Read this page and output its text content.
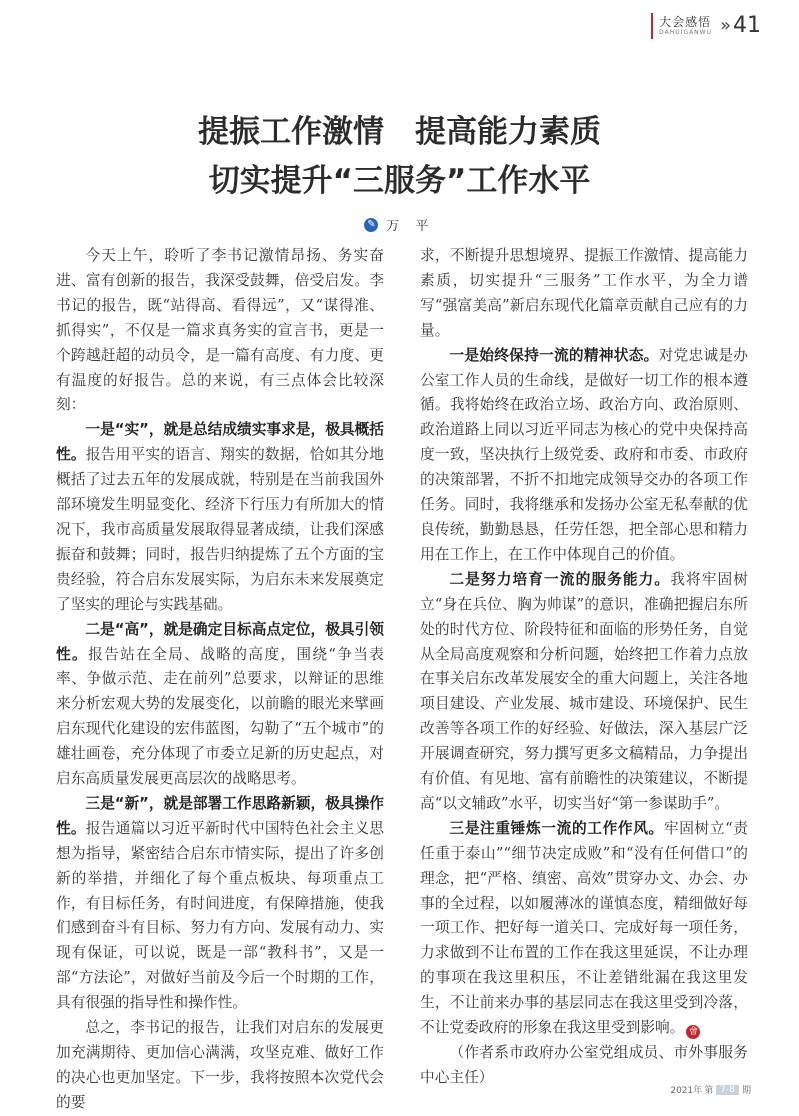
大会感悟
DAHUIGANWU » 41
提振工作激情　提高能力素质
切实提升“三服务”工作水平
✎ 万 平

今天上午，聆听了李书记激情昂扬、务实奋进、富有创新的报告，我深受鼓舞，倍受启发。李书记的报告，既“站得高、看得远”，又“谋得准、抓得实”，不仅是一篇求真务实的宣言书，更是一个跨越赶超的动员令，是一篇有高度、有力度、更有温度的好报告。总的来说，有三点体会比较深刻：

一是“实”，就是总结成绩实事求是，极具概括性。报告用平实的语言、翔实的数据，恰如其分地概括了过去五年的发展成就，特别是在当前我国外部环境发生明显变化、经济下行压力有所加大的情况下，我市高质量发展取得显著成绩，让我们深感振奋和鼓舞；同时，报告归纳提炼了五个方面的宝贵经验，符合启东发展实际，为启东未来发展奠定了坚实的理论与实践基础。

二是“高”，就是确定目标高点定位，极具引领性。报告站在全局、战略的高度，围绕“争当表率、争做示范、走在前列”总要求，以辩证的思维来分析宏观大势的发展变化，以前瞻的眼光来擘画启东现代化建设的宏伟蓝图，勾勒了“五个城市”的雄壮画卷，充分体现了市委立足新的历史起点，对启东高质量发展更高层次的战略思考。

三是“新”，就是部署工作思路新颖，极具操作性。报告通篇以习近平新时代中国特色社会主义思想为指导，紧密结合启东市情实际，提出了许多创新的举措，并细化了每个重点板块、每项重点工作，有目标任务，有时间进度，有保障措施，使我们感到奋斗有目标、努力有方向、发展有动力、实现有保证，可以说，既是一部“教科书”，又是一部“方法论”，对做好当前及今后一个时期的工作，具有很强的指导性和操作性。

总之，李书记的报告，让我们对启东的发展更加充满期待、更加信心满满，攻坚克难、做好工作的决心也更加坚定。下一步，我将按照本次党代会的要

求，不断提升思想境界、提振工作激情、提高能力素质，切实提升“三服务”工作水平，为全力谱写“强富美高”新启东现代化篇章贡献自己应有的力量。

一是始终保持一流的精神状态。对党忠诚是办公室工作人员的生命线，是做好一切工作的根本遵循。我将始终在政治立场、政治方向、政治原则、政治道路上同以习近平同志为核心的党中央保持高度一致，坚决执行上级党委、政府和市委、市政府的决策部署，不折不扣地完成领导交办的各项工作任务。同时，我将继承和发扬办公室无私奉献的优良传统，勤勤恳恳，任劳任怨，把全部心思和精力用在工作上，在工作中体现自己的价值。

二是努力培育一流的服务能力。我将牢固树立“身在兵位、胸为帅谋”的意识，准确把握启东所处的时代方位、阶段特征和面临的形势任务，自觉从全局高度观察和分析问题，始终把工作着力点放在事关启东改革发展安全的重大问题上，关注各地项目建设、产业发展、城市建设、环境保护、民生改善等各项工作的好经验、好做法，深入基层广泛开展调查研究，努力撰写更多文稿精品，力争提出有价值、有见地、富有前瞻性的决策建议，不断提高“以文辅政”水平，切实当好“第一参谋助手”。

三是注重锤炼一流的工作作风。牢固树立“责任重于泰山”“细节决定成败”和“没有任何借口”的理念，把“严格、缜密、高效”贯穿办文、办会、办事的全过程，以如履薄冰的谨慎态度，精细做好每一项工作、把好每一道关口、完成好每一项任务，力求做到不让布置的工作在我这里延误，不让办理的事项在我这里积压，不让差错纰漏在我这里发生，不让前来办事的基层同志在我这里受到冷落，不让党委政府的形象在我这里受到影响。 會

（作者系市政府办公室党组成员、市外事服务中心主任）

2021年 第 7-8 期
